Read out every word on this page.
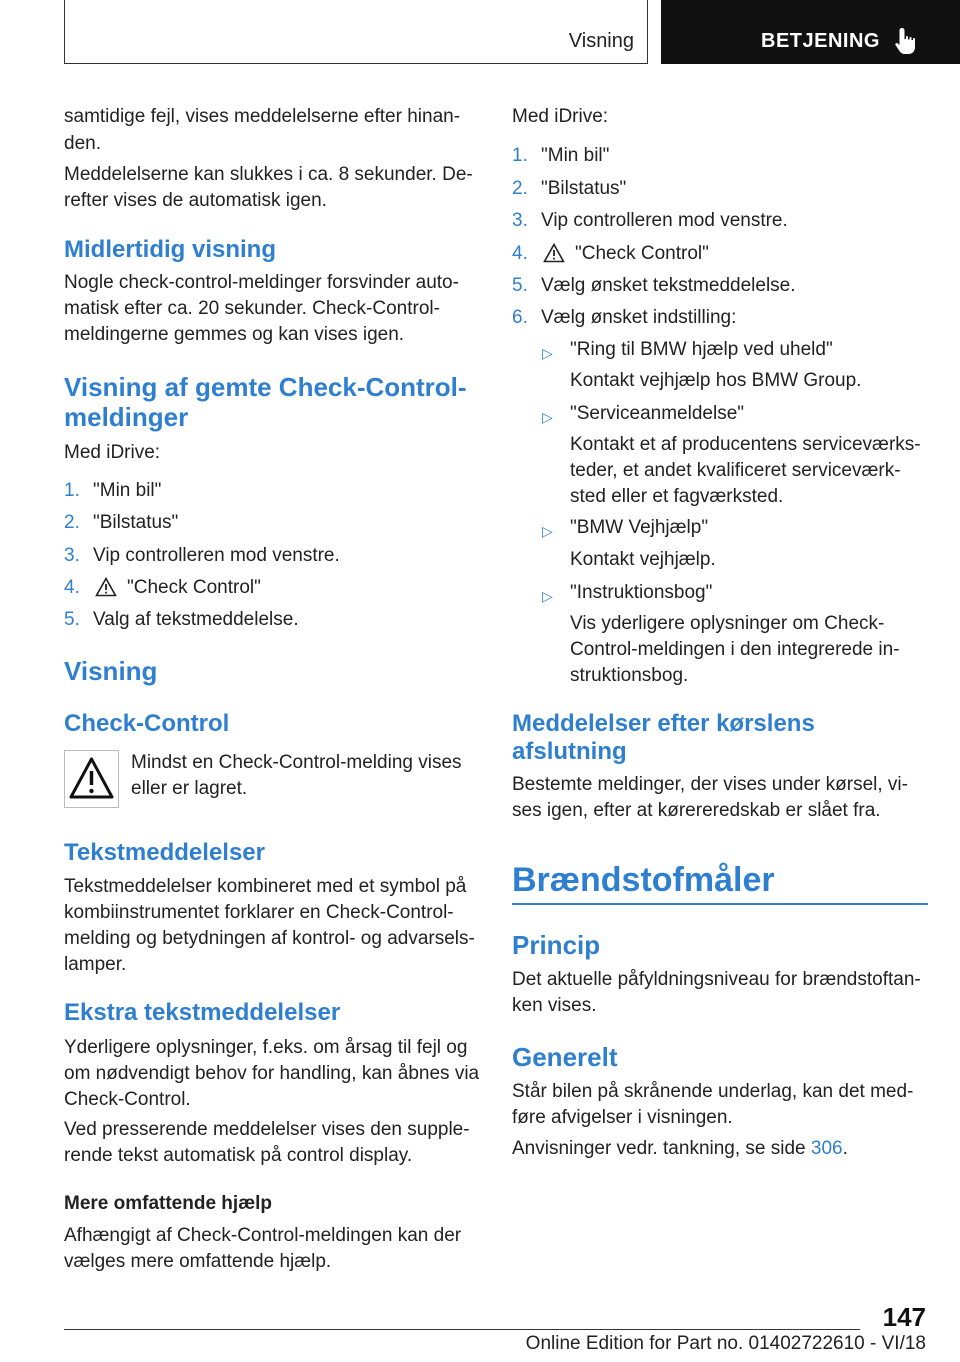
Visning	BETJENING
samtidige fejl, vises meddelelserne efter hinan-
den.
Meddelelserne kan slukkes i ca. 8 sekunder. De-
refter vises de automatisk igen.
Midlertidig visning
Nogle check-control-meldinger forsvinder auto-
matisk efter ca. 20 sekunder. Check-Control-
meldingerne gemmes og kan vises igen.
Visning af gemte Check-Control-
meldinger
Med iDrive:
1. "Min bil"
2. "Bilstatus"
3. Vip controlleren mod venstre.
4. "Check Control"
5. Valg af tekstmeddelelse.
Visning
Check-Control
Mindst en Check-Control-melding vises
eller er lagret.
Tekstmeddelelser
Tekstmeddelelser kombineret med et symbol på
kombiinstrumentet forklarer en Check-Control-
melding og betydningen af kontrol- og advarsels-
lamper.
Ekstra tekstmeddelelser
Yderligere oplysninger, f.eks. om årsag til fejl og
om nødvendigt behov for handling, kan åbnes via
Check-Control.
Ved presserende meddelelser vises den supple-
rende tekst automatisk på control display.
Mere omfattende hjælp
Afhængigt af Check-Control-meldingen kan der
vælges mere omfattende hjælp.
Med iDrive:
1. "Min bil"
2. "Bilstatus"
3. Vip controlleren mod venstre.
4. "Check Control"
5. Vælg ønsket tekstmeddelelse.
6. Vælg ønsket indstilling:
▷ "Ring til BMW hjælp ved uheld"
Kontakt vejhjælp hos BMW Group.
▷ "Serviceanmeldelse"
Kontakt et af producentens serviceværks-
teder, et andet kvalificeret serviceværk-
sted eller et fagværksted.
▷ "BMW Vejhjælp"
Kontakt vejhjælp.
▷ "Instruktionsbog"
Vis yderligere oplysninger om Check-
Control-meldingen i den integrerede in-
struktionsbog.
Meddelelser efter kørslens
afslutning
Bestemte meldinger, der vises under kørsel, vi-
ses igen, efter at kørereredskab er slået fra.
Brændstofmåler
Princip
Det aktuelle påfyldningsniveau for brændstoftan-
ken vises.
Generelt
Står bilen på skrånende underlag, kan det med-
føre afvigelser i visningen.
Anvisninger vedr. tankning, se side 306.
147
Online Edition for Part no. 01402722610 - VI/18
